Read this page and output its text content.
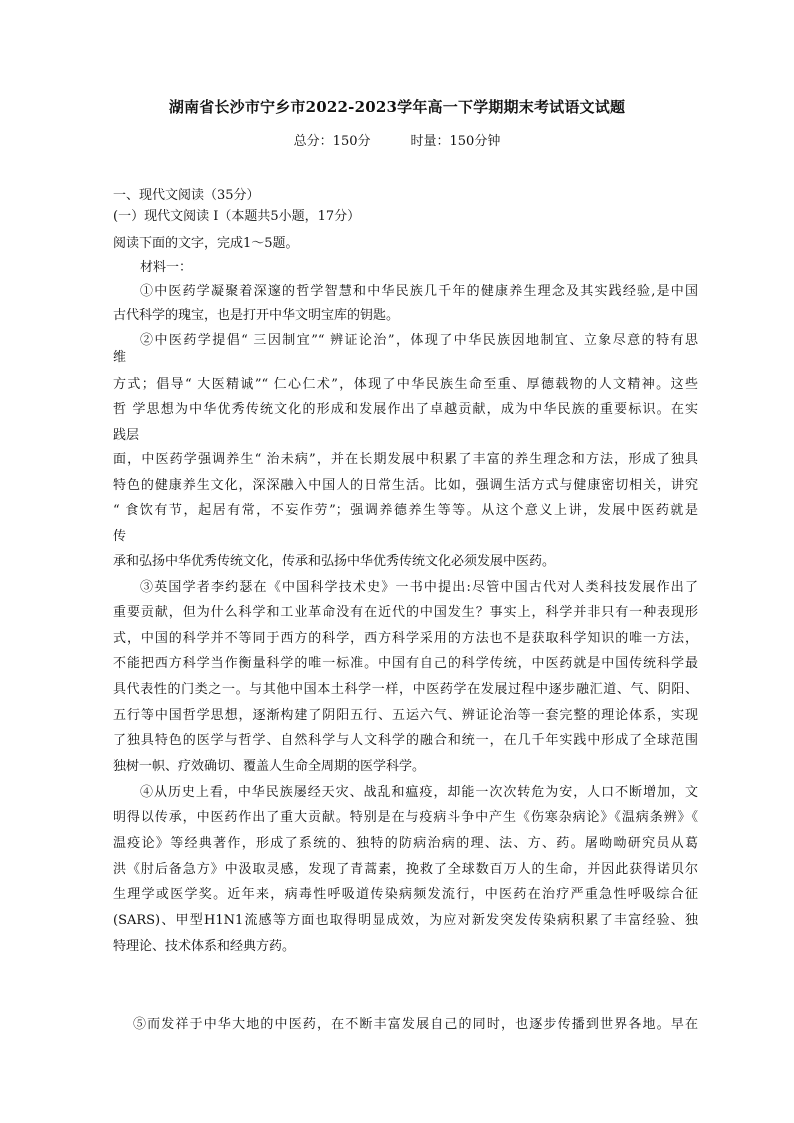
湖南省长沙市宁乡市2022-2023学年高一下学期期末考试语文试题
总分：150分	时量：150分钟
一、现代文阅读（35分）
(一）现代文阅读 I（本题共5小题，17分）
阅读下面的文字，完成1～5题。
材料一：
①中医药学凝聚着深邃的哲学智慧和中华民族几千年的健康养生理念及其实践经验,是中国
古代科学的瑰宝，也是打开中华文明宝库的钥匙。
②中医药学提倡“ 三因制宜”“ 辨证论治”，体现了中华民族因地制宜、立象尽意的特有思
维
方式；倡导“ 大医精诚”“ 仁心仁术”，体现了中华民族生命至重、厚德载物的人文精神。这些
哲 学思想为中华优秀传统文化的形成和发展作出了卓越贡献，成为中华民族的重要标识。在实
践层
面，中医药学强调养生“ 治未病”，并在长期发展中积累了丰富的养生理念和方法，形成了独具
特色的健康养生文化，深深融入中国人的日常生活。比如，强调生活方式与健康密切相关，讲究
“ 食饮有节，起居有常，不妄作劳”；强调养德养生等等。从这个意义上讲，发展中医药就是
传
承和弘扬中华优秀传统文化，传承和弘扬中华优秀传统文化必须发展中医药。
③英国学者李约瑟在《中国科学技术史》一书中提出:尽管中国古代对人类科技发展作出了
重要贡献，但为什么科学和工业革命没有在近代的中国发生？事实上，科学并非只有一种表现形
式，中国的科学并不等同于西方的科学，西方科学采用的方法也不是获取科学知识的唯一方法，
不能把西方科学当作衡量科学的唯一标准。中国有自己的科学传统，中医药就是中国传统科学最
具代表性的门类之一。与其他中国本土科学一样，中医药学在发展过程中逐步融汇道、气、阴阳、
五行等中国哲学思想，逐渐构建了阴阳五行、五运六气、辨证论治等一套完整的理论体系，实现
了独具特色的医学与哲学、自然科学与人文科学的融合和统一，在几千年实践中形成了全球范围
独树一帜、疗效确切、覆盖人生命全周期的医学科学。
④从历史上看，中华民族屡经天灾、战乱和瘟疫，却能一次次转危为安，人口不断增加，文
明得以传承，中医药作出了重大贡献。特别是在与疫病斗争中产生《伤寒杂病论》《温病条辨》《
温疫论》等经典著作，形成了系统的、独特的防病治病的理、法、方、药。屠呦呦研究员从葛
洪《肘后备急方》中汲取灵感，发现了青蒿素，挽救了全球数百万人的生命，并因此获得诺贝尔
生理学或医学奖。近年来，病毒性呼吸道传染病频发流行，中医药在治疗严重急性呼吸综合征
(SARS)、甲型H1N1流感等方面也取得明显成效，为应对新发突发传染病积累了丰富经验、独
特理论、技术体系和经典方药。
⑤而发祥于中华大地的中医药，在不断丰富发展自己的同时，也逐步传播到世界各地。早在
